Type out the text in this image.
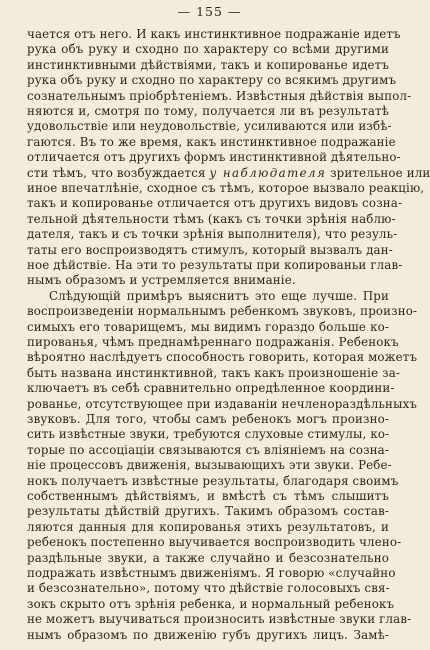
— 155 —
чается отъ него. И какъ инстинктивное подражаніе идетъ
рука объ руку и сходно по характеру со всѣми другими
инстинктивными дѣйствіями, такъ и копированье идетъ
рука объ руку и сходно по характеру со всякимъ другимъ
сознательнымъ пріобрѣтеніемъ. Извѣстныя дѣйствія выпол-
няются и, смотря по тому, получается ли въ результатѣ
удовольствіе или неудовольствіе, усиливаются или избѣ-
гаются. Въ то же время, какъ инстинктивное подражаніе
отличается отъ другихъ формъ инстинктивной дѣятельно-
сти тѣмъ, что возбуждается у наблюдателя зрительное или
иное впечатлѣніе, сходное съ тѣмъ, которое вызвало реакцію,
такъ и копированье отличается отъ другихъ видовъ созна-
тельной дѣятельности тѣмъ (какъ съ точки зрѣнія наблю-
дателя, такъ и съ точки зрѣнія выполнителя), что резуль-
таты его воспроизводятъ стимулъ, который вызвалъ дан-
ное дѣйствіе. На эти то результаты при копированьи глав-
нымъ образомъ и устремляется вниманіе.
Слѣдующій примѣръ выяснитъ это еще лучше. При
воспроизведеніи нормальнымъ ребенкомъ звуковъ, произно-
симыхъ его товарищемъ, мы видимъ гораздо больше ко-
пированья, чѣмъ преднамѣреннаго подражанія. Ребенокъ
вѣроятно наслѣдуетъ способность говорить, которая можетъ
быть названа инстинктивной, такъ какъ произношеніе за-
ключаетъ въ себѣ сравнительно опредѣленное координи-
рованье, отсутствующее при издаваніи нечленораздѣльныхъ
звуковъ. Для того, чтобы самъ ребенокъ могъ произно-
сить извѣстные звуки, требуются слуховые стимулы, ко-
торые по ассоціаціи связываются съ вліяніемъ на созна-
ніе процессовъ движенія, вызывающихъ эти звуки. Ребе-
нокъ получаетъ извѣстные результаты, благодаря своимъ
собственнымъ дѣйствіямъ, и вмѣстѣ съ тѣмъ слышитъ
результаты дѣйствій другихъ. Такимъ образомъ состав-
ляются данныя для копированья этихъ результатовъ, и
ребенокъ постепенно выучивается воспроизводить члено-
раздѣльные звуки, а также случайно и безсознательно
подражать извѣстнымъ движеніямъ. Я говорю «случайно
и безсознательно», потому что дѣйствіе голосовыхъ свя-
зокъ скрыто отъ зрѣнія ребенка, и нормальный ребенокъ
не можетъ выучиваться произносить извѣстные звуки глав-
нымъ образомъ по движенію губъ другихъ лицъ. Замѣ-
